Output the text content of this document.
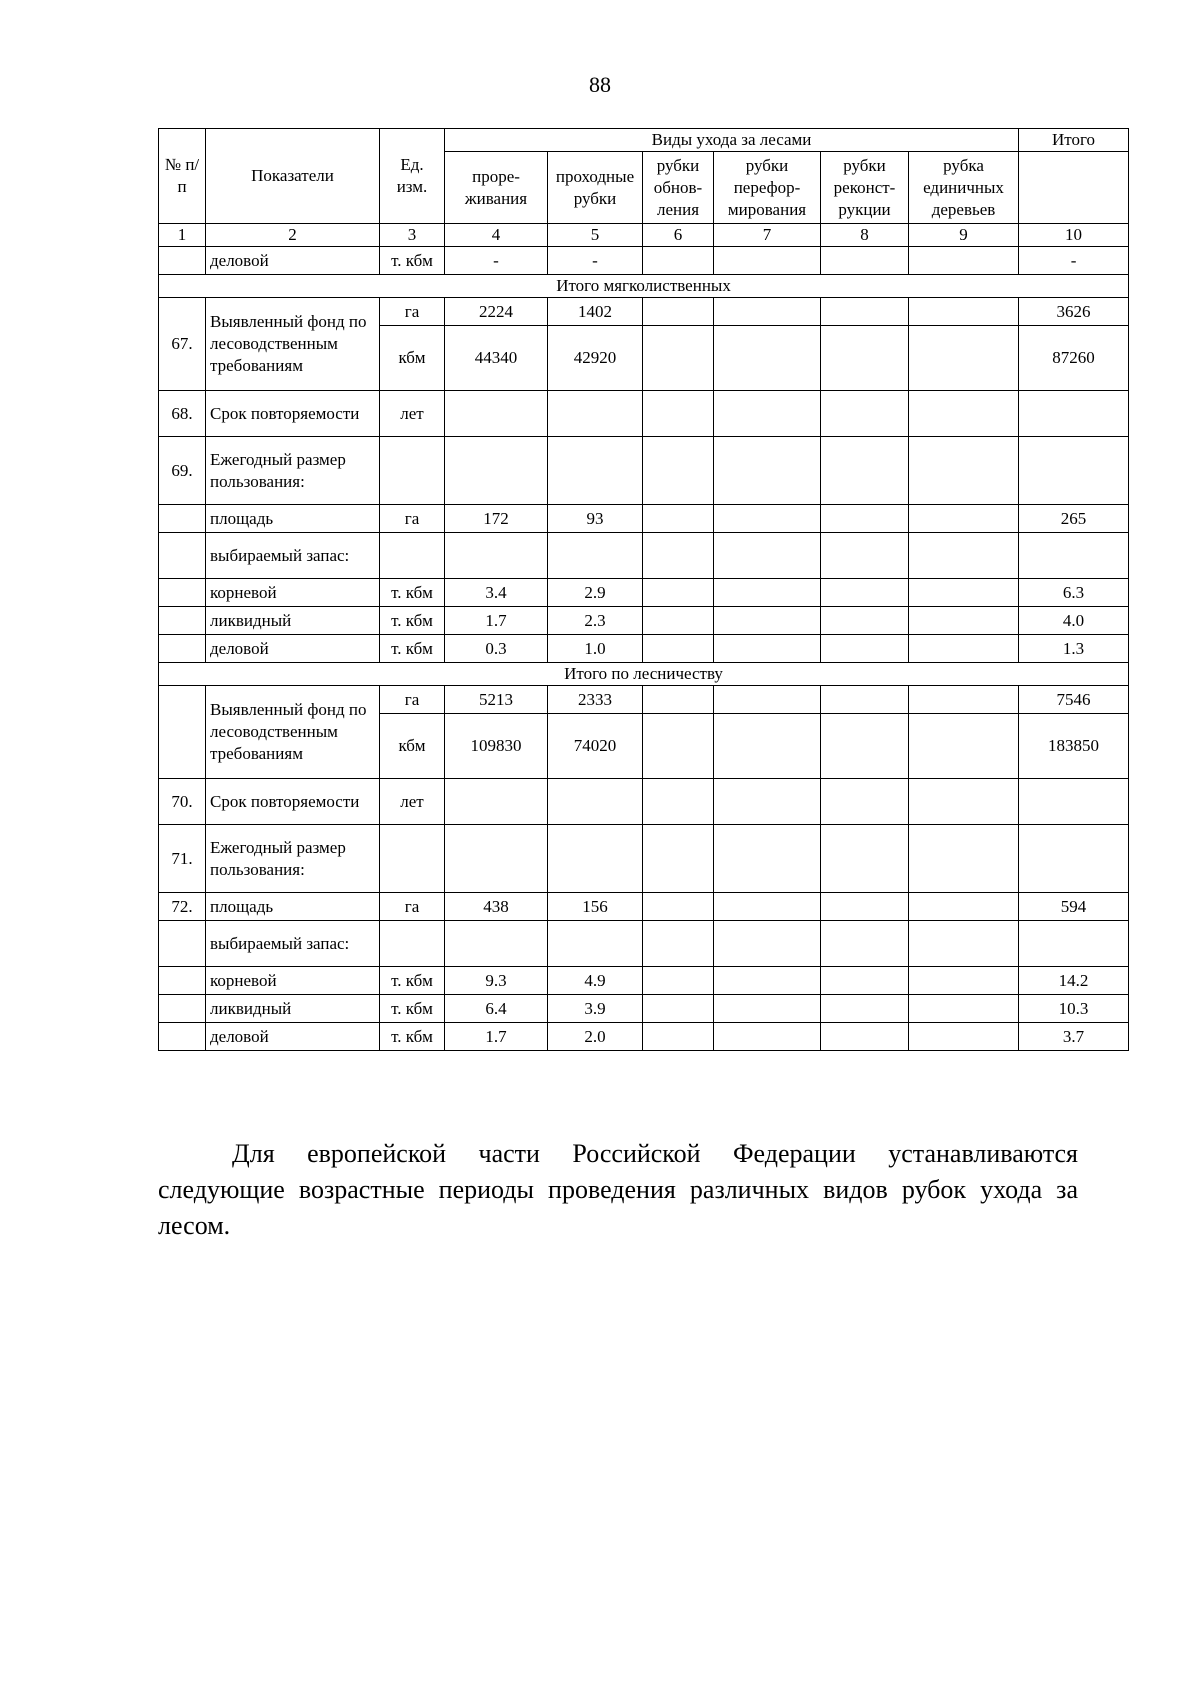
88
№ п/п	Показатели	Ед. изм.	Виды ухода за лесами						Итого
			проре- живания	проходные рубки	рубки обнов- ления	рубки перефор- мирования	рубки реконст- рукции	рубка единичных деревьев	
1	2	3	4	5	6	7	8	9	10
	деловой	т. кбм	-	-					-
Итого мягколиственных									
67.	Выявленный фонд по лесоводственным требованиям	га	2224	1402					3626
		кбм	44340	42920					87260
68.	Срок повторяемости	лет							
69.	Ежегодный размер пользования:								
	площадь	га	172	93					265
	выбираемый запас:								
	корневой	т. кбм	3.4	2.9					6.3
	ликвидный	т. кбм	1.7	2.3					4.0
	деловой	т. кбм	0.3	1.0					1.3
Итого по лесничеству									
	Выявленный фонд по лесоводственным требованиям	га	5213	2333					7546
		кбм	109830	74020					183850
70.	Срок повторяемости	лет							
71.	Ежегодный размер пользования:								
72.	площадь	га	438	156					594
	выбираемый запас:								
	корневой	т. кбм	9.3	4.9					14.2
	ликвидный	т. кбм	6.4	3.9					10.3
	деловой	т. кбм	1.7	2.0					3.7

Для европейской части Российской Федерации устанавливаются следующие возрастные периоды проведения различных видов рубок ухода за лесом.
